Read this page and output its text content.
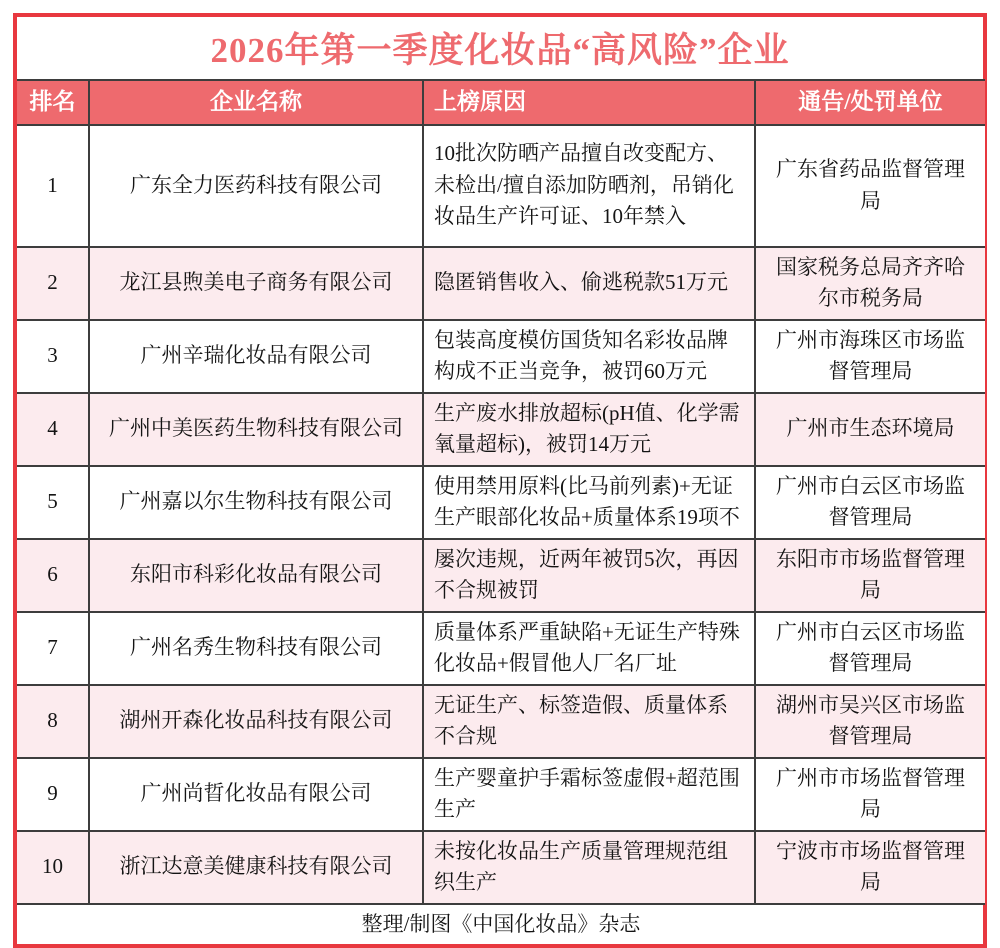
2026年第一季度化妆品“高风险”企业
排名	企业名称	上榜原因	通告/处罚单位
1	广东全力医药科技有限公司	10批次防晒产品擅自改变配方、未检出/擅自添加防晒剂，吊销化妆品生产许可证、10年禁入	广东省药品监督管理局
2	龙江县煦美电子商务有限公司	隐匿销售收入、偷逃税款51万元	国家税务总局齐齐哈尔市税务局
3	广州辛瑞化妆品有限公司	包装高度模仿国货知名彩妆品牌构成不正当竞争，被罚60万元	广州市海珠区市场监督管理局
4	广州中美医药生物科技有限公司	生产废水排放超标(pH值、化学需氧量超标)，被罚14万元	广州市生态环境局
5	广州嘉以尔生物科技有限公司	使用禁用原料(比马前列素)+无证生产眼部化妆品+质量体系19项不	广州市白云区市场监督管理局
6	东阳市科彩化妆品有限公司	屡次违规，近两年被罚5次，再因不合规被罚	东阳市市场监督管理局
7	广州名秀生物科技有限公司	质量体系严重缺陷+无证生产特殊化妆品+假冒他人厂名厂址	广州市白云区市场监督管理局
8	湖州开森化妆品科技有限公司	无证生产、标签造假、质量体系不合规	湖州市吴兴区市场监督管理局
9	广州尚晢化妆品有限公司	生产婴童护手霜标签虚假+超范围生产	广州市市场监督管理局
10	浙江达意美健康科技有限公司	未按化妆品生产质量管理规范组织生产	宁波市市场监督管理局
整理/制图《中国化妆品》杂志			
